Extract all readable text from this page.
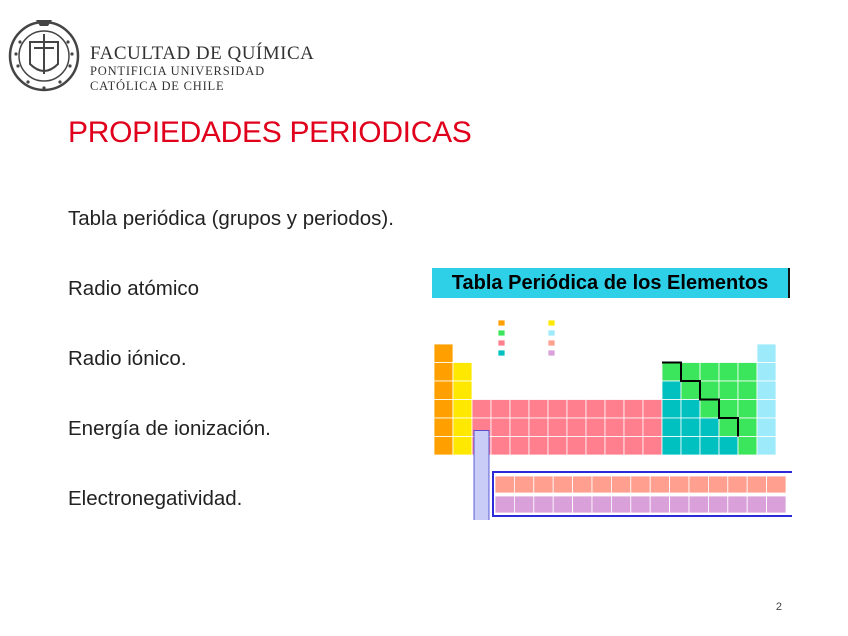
FACULTAD DE QUÍMICA
PONTIFICIA UNIVERSIDAD
CATÓLICA DE CHILE
PROPIEDADES PERIODICAS
Tabla periódica (grupos y periodos).
Radio atómico
Radio iónico.
Energía de ionización.
Electronegatividad.
Tabla Periódica de los Elementos
2
